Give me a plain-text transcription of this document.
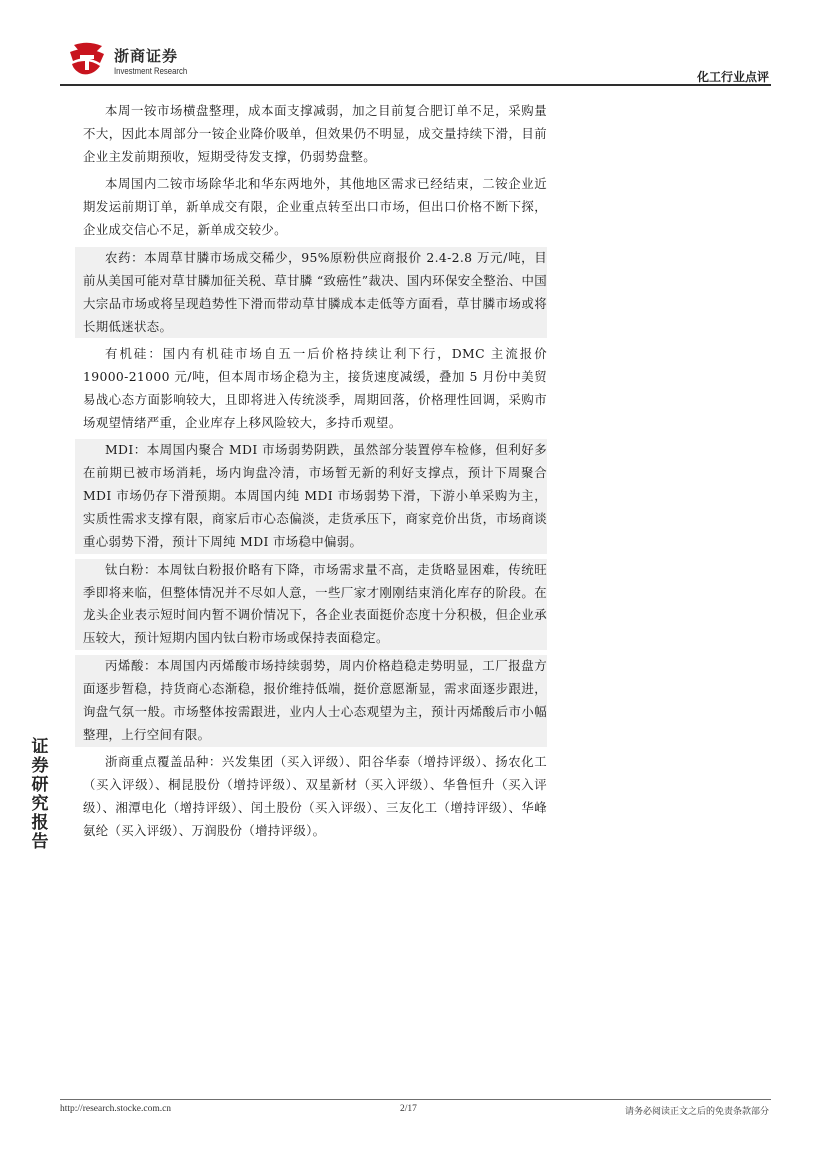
浙商证券
Investment Research	化工行业点评

本周一铵市场横盘整理，成本面支撑减弱，加之目前复合肥订单不足，采购量不大，因此本周部分一铵企业降价吸单，但效果仍不明显，成交量持续下滑，目前企业主发前期预收，短期受待发支撑，仍弱势盘整。

本周国内二铵市场除华北和华东两地外，其他地区需求已经结束，二铵企业近期发运前期订单，新单成交有限，企业重点转至出口市场，但出口价格不断下探，企业成交信心不足，新单成交较少。

农药：本周草甘膦市场成交稀少，95%原粉供应商报价 2.4-2.8 万元/吨，目前从美国可能对草甘膦加征关税、草甘膦 “致癌性”裁决、国内环保安全整治、中国大宗品市场或将呈现趋势性下滑而带动草甘膦成本走低等方面看，草甘膦市场或将长期低迷状态。

有机硅：国内有机硅市场自五一后价格持续让利下行，DMC 主流报价 19000-21000 元/吨，但本周市场企稳为主，接货速度减缓，叠加 5 月份中美贸易战心态方面影响较大，且即将进入传统淡季，周期回落，价格理性回调，采购市场观望情绪严重，企业库存上移风险较大，多持币观望。

MDI：本周国内聚合 MDI 市场弱势阴跌，虽然部分装置停车检修，但利好多在前期已被市场消耗，场内询盘冷清，市场暂无新的利好支撑点，预计下周聚合 MDI 市场仍存下滑预期。本周国内纯 MDI 市场弱势下滑，下游小单采购为主，实质性需求支撑有限，商家后市心态偏淡，走货承压下，商家竞价出货，市场商谈重心弱势下滑，预计下周纯 MDI 市场稳中偏弱。

钛白粉：本周钛白粉报价略有下降，市场需求量不高，走货略显困难，传统旺季即将来临，但整体情况并不尽如人意，一些厂家才刚刚结束消化库存的阶段。在龙头企业表示短时间内暂不调价情况下，各企业表面挺价态度十分积极，但企业承压较大，预计短期内国内钛白粉市场或保持表面稳定。

丙烯酸：本周国内丙烯酸市场持续弱势，周内价格趋稳走势明显，工厂报盘方面逐步暂稳，持货商心态渐稳，报价维持低端，挺价意愿渐显，需求面逐步跟进，询盘气氛一般。市场整体按需跟进，业内人士心态观望为主，预计丙烯酸后市小幅整理，上行空间有限。

浙商重点覆盖品种：兴发集团（买入评级）、阳谷华泰（增持评级）、扬农化工（买入评级）、桐昆股份（增持评级）、双星新材（买入评级）、华鲁恒升（买入评级）、湘潭电化（增持评级）、闰土股份（买入评级）、三友化工（增持评级）、华峰氨纶（买入评级）、万润股份（增持评级）。

证券研究报告
http://research.stocke.com.cn	2/17	请务必阅读正文之后的免责条款部分
